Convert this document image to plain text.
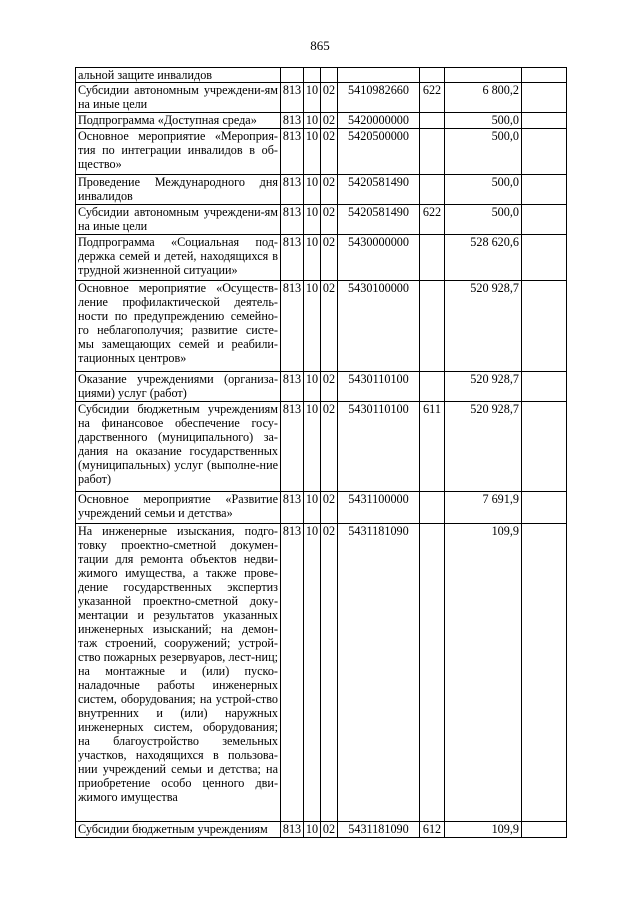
865
альной защите инвалидов							
Субсидии автономным учреждени-ям на иные цели	813	10	02	5410982660	622	6 800,2	
Подпрограмма «Доступная среда»	813	10	02	5420000000		500,0	
Основное мероприятие «Мероприя-тия по интеграции инвалидов в об-щество»	813	10	02	5420500000		500,0	
Проведение Международного дня инвалидов	813	10	02	5420581490		500,0	
Субсидии автономным учреждени-ям на иные цели	813	10	02	5420581490	622	500,0	
Подпрограмма «Социальная под-держка семей и детей, находящихся в трудной жизненной ситуации»	813	10	02	5430000000		528 620,6	
Основное мероприятие «Осуществ-ление профилактической деятель-ности по предупреждению семейно-го неблагополучия; развитие систе-мы замещающих семей и реабили-тационных центров»	813	10	02	5430100000		520 928,7	
Оказание учреждениями (организа-циями) услуг (работ)	813	10	02	5430110100		520 928,7	
Субсидии бюджетным учреждениям на финансовое обеспечение госу-дарственного (муниципального) за-дания на оказание государственных (муниципальных) услуг (выполне-ние работ)	813	10	02	5430110100	611	520 928,7	
Основное мероприятие «Развитие учреждений семьи и детства»	813	10	02	5431100000		7 691,9	
На инженерные изыскания, подго-товку проектно-сметной докумен-тации для ремонта объектов недви-жимого имущества, а также прове-дение государственных экспертиз указанной проектно-сметной доку-ментации и результатов указанных инженерных изысканий; на демон-таж строений, сооружений; устрой-ство пожарных резервуаров, лест-ниц; на монтажные и (или) пуско-наладочные работы инженерных систем, оборудования; на устрой-ство внутренних и (или) наружных инженерных систем, оборудования; на благоустройство земельных участков, находящихся в пользова-нии учреждений семьи и детства; на приобретение особо ценного дви-жимого имущества	813	10	02	5431181090		109,9	
Субсидии бюджетным учреждениям	813	10	02	5431181090	612	109,9	
